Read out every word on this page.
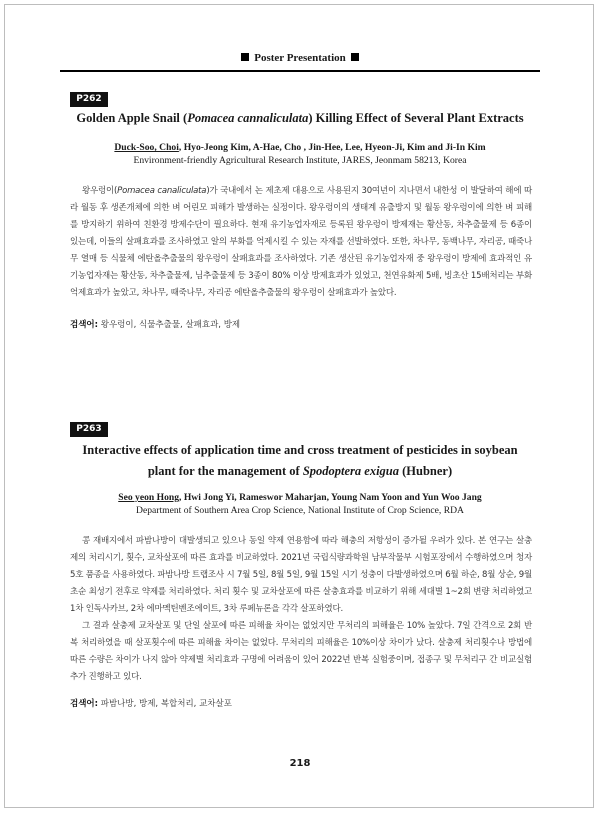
Poster Presentation
P262
Golden Apple Snail (Pomacea cannaliculata) Killing Effect of Several Plant Extracts
Duck-Soo, Choi, Hyo-Jeong Kim, A-Hae, Cho , Jin-Hee, Lee, Hyeon-Ji, Kim and Ji-In Kim
Environment-friendly Agricultural Research Institute, JARES, Jeonmam 58213, Korea

왕우렁이(Pomacea canaliculata)가 국내에서 논 제초제 대용으로 사용된지 30여년이 지나면서 내한성 이 발달하여 해에 따라 월동 후 생존개체에 의한 벼 어린모 피해가 발생하는 실정이다. 왕우렁이의 생태계 유출방지 및 월동 왕우렁이에 의한 벼 피해를 방지하기 위하여 친환경 방제수단이 필요하다. 현재 유기농업자재로 등록된 왕우렁이 방제재는 황산동, 차추출물제 등 6종이 있는데, 이들의 살패효과를 조사하였고 알의 부화를 억제시킬 수 있는 자재를 선발하였다. 또한, 차나무, 동백나무, 자리공, 때죽나무 열매 등 식물체 에탄올추출물의 왕우렁이 살패효과를 조사하였다. 기존 생산된 유기농업자재 중 왕우렁이 방제에 효과적인 유기농업자재는 황산동, 차추출물제, 님추출물제 등 3종이 80% 이상 방제효과가 있었고, 천연유화제 5배, 빙초산 15배처리는 부화억제효과가 높았고, 차나무, 때죽나무, 자리공 에탄올추출물의 왕우렁이 살패효과가 높았다.

검색어: 왕우렁이, 식물추출물, 살패효과, 방제
P263
Interactive effects of application time and cross treatment of pesticides in soybean
plant for the management of Spodoptera exigua (Hubner)
Seo yeon Hong, Hwi Jong Yi, Rameswor Maharjan, Young Nam Yoon and Yun Woo Jang
Department of Southern Area Crop Science, National Institute of Crop Science, RDA

콩 재배지에서 파밤나방이 대발생되고 있으나 동일 약제 연용함에 따라 해충의 저항성이 증가될 우려가 있다. 본 연구는 살충제의 처리시기, 횟수, 교차살포에 따른 효과를 비교하였다. 2021년 국립식량과학원 남부작물부 시험포장에서 수행하였으며 청자5호 품종을 사용하였다. 파밤나방 트랩조사 시 7월 5일, 8월 5일, 9월 15일 시기 성충이 다발생하였으며 6월 하순, 8월 상순, 9월 초순 최성기 전후로 약제를 처리하였다. 처리 횟수 및 교차살포에 따른 살충효과를 비교하기 위해 세대별 1~2회 변량 처리하였고 1차 인독사카브, 2차 에마멕틴벤조에이트, 3차 루페뉴론을 각각 살포하였다.

그 결과 살충제 교차살포 및 단일 살포에 따른 피해율 차이는 없었지만 무처리의 피해율은 10% 높았다. 7일 간격으로 2회 반복 처리하였을 때 살포횟수에 따른 피해율 차이는 없었다. 무처리의 피해율은 10%이상 차이가 났다. 살충제 처리횟수나 방법에 따른 수량은 차이가 나지 않아 약제별 처리효과 구명에 어려움이 있어 2022년 반복 실험중이며, 접종구 및 무처리구 간 비교실험 추가 진행하고 있다.

검색어: 파밤나방, 방제, 복합처리, 교차살포
218
